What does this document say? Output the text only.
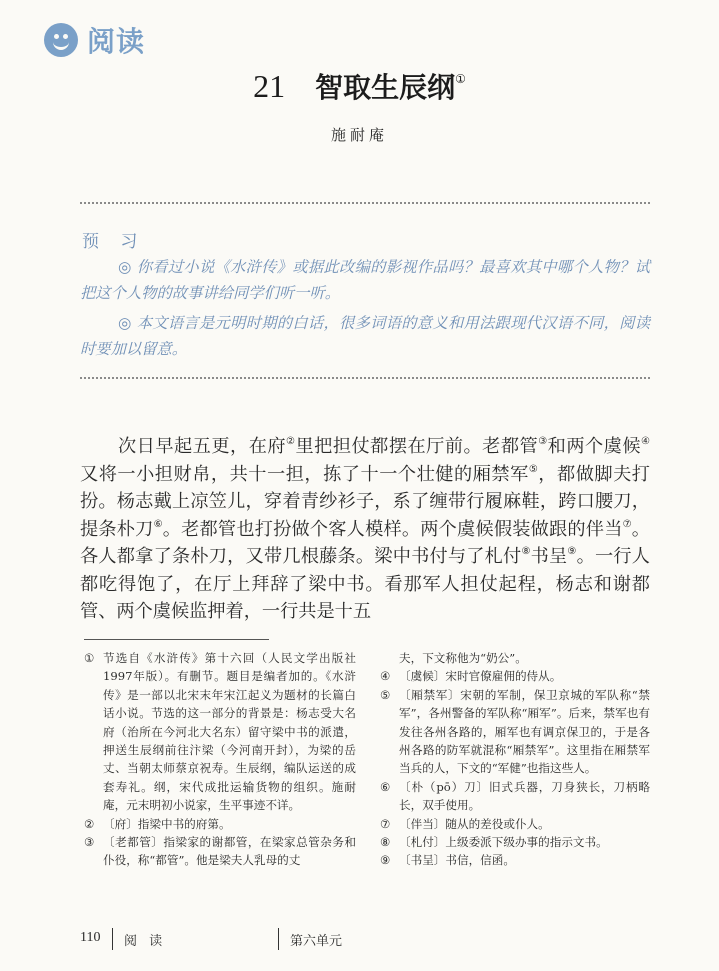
阅读
21 智取生辰纲①
施耐庵
预 习

◎ 你看过小说《水浒传》或据此改编的影视作品吗？最喜欢其中哪个人物？试把这个人物的故事讲给同学们听一听。

◎ 本文语言是元明时期的白话，很多词语的意义和用法跟现代汉语不同，阅读时要加以留意。

次日早起五更，在府②里把担仗都摆在厅前。老都管③和两个虞候④又将一小担财帛，共十一担，拣了十一个壮健的厢禁军⑤，都做脚夫打扮。杨志戴上凉笠儿，穿着青纱衫子，系了缠带行履麻鞋，跨口腰刀，提条朴刀⑥。老都管也打扮做个客人模样。两个虞候假装做跟的伴当⑦。各人都拿了条朴刀，又带几根藤条。梁中书付与了札付⑧书呈⑨。一行人都吃得饱了，在厅上拜辞了梁中书。看那军人担仗起程，杨志和谢都管、两个虞候监押着，一行共是十五

① 节选自《水浒传》第十六回（人民文学出版社1997年版）。有删节。题目是编者加的。《水浒传》是一部以北宋末年宋江起义为题材的长篇白话小说。节选的这一部分的背景是：杨志受大名府（治所在今河北大名东）留守梁中书的派遣，押送生辰纲前往汴梁（今河南开封），为梁的岳丈、当朝太师蔡京祝寿。生辰纲，编队运送的成套寿礼。纲，宋代成批运输货物的组织。施耐庵，元末明初小说家，生平事迹不详。
② 〔府〕指梁中书的府第。
③ 〔老都管〕指梁家的谢都管，在梁家总管杂务和仆役，称“都管”。他是梁夫人乳母的丈
夫，下文称他为“奶公”。
④ 〔虞候〕宋时官僚雇佣的侍从。
⑤ 〔厢禁军〕宋朝的军制，保卫京城的军队称“禁军”，各州警备的军队称“厢军”。后来，禁军也有发往各州各路的，厢军也有调京保卫的，于是各州各路的防军就混称“厢禁军”。这里指在厢禁军当兵的人，下文的“军健”也指这些人。
⑥ 〔朴（pō）刀〕旧式兵器，刀身狭长，刀柄略长，双手使用。
⑦ 〔伴当〕随从的差役或仆人。
⑧ 〔札付〕上级委派下级办事的指示文书。
⑨ 〔书呈〕书信，信函。
110 阅 读	第六单元
